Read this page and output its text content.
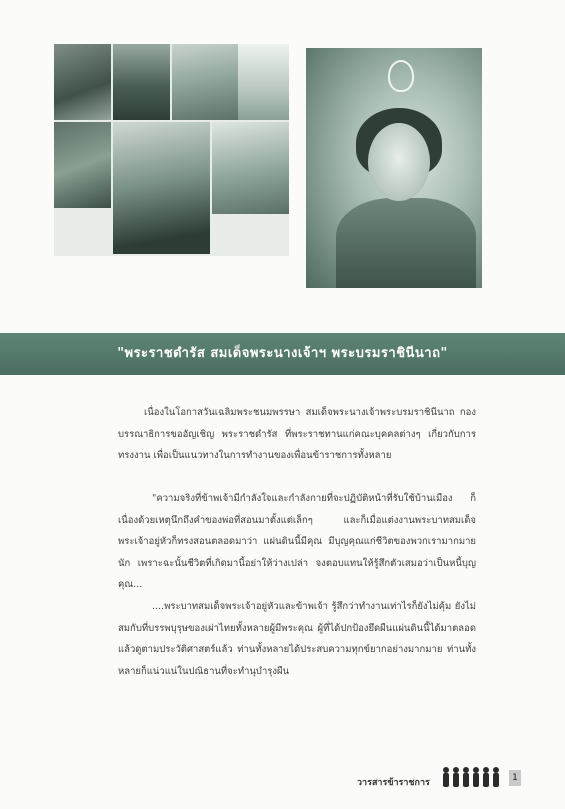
"พระราชดำรัส สมเด็จพระนางเจ้าฯ พระบรมราชินีนาถ"

เนื่องในโอกาสวันเฉลิมพระชนมพรรษา สมเด็จพระนางเจ้าพระบรมราชินีนาถ กองบรรณาธิการขออัญเชิญ พระราชดำรัส ที่พระราชทานแก่คณะบุคคลต่างๆ เกี่ยวกับการทรงงาน เพื่อเป็นแนวทางในการทำงานของเพื่อนข้าราชการทั้งหลาย

"ความจริงที่ข้าพเจ้ามีกำลังใจและกำลังกายที่จะปฏิบัติหน้าที่รับใช้บ้านเมือง ก็เนื่องด้วยเหตุนึกถึงคำของพ่อที่สอนมาตั้งแต่เล็กๆ และก็เมื่อแต่งงานพระบาทสมเด็จพระเจ้าอยู่หัวก็ทรงสอนตลอดมาว่า แผ่นดินนี้มีคุณ มีบุญคุณแก่ชีวิตของพวกเรามากมายนัก เพราะฉะนั้นชีวิตที่เกิดมานี้อย่าให้ว่างเปล่า จงตอบแทนให้รู้สึกตัวเสมอว่าเป็นหนี้บุญคุณ...

....พระบาทสมเด็จพระเจ้าอยู่หัวและข้าพเจ้า รู้สึกว่าทำงานเท่าไรก็ยังไม่คุ้ม ยังไม่สมกับที่บรรพบุรุษของเผ่าไทยทั้งหลายผู้มีพระคุณ ผู้ที่ได้ปกป้องยึดผืนแผ่นดินนี้ได้มาตลอด แล้วดูตามประวัติศาสตร์แล้ว ท่านทั้งหลายได้ประสบความทุกข์ยากอย่างมากมาย ท่านทั้งหลายก็แน่วแน่ในปณิธานที่จะทำนุบำรุงผืน

วารสารข้าราชการ	1
